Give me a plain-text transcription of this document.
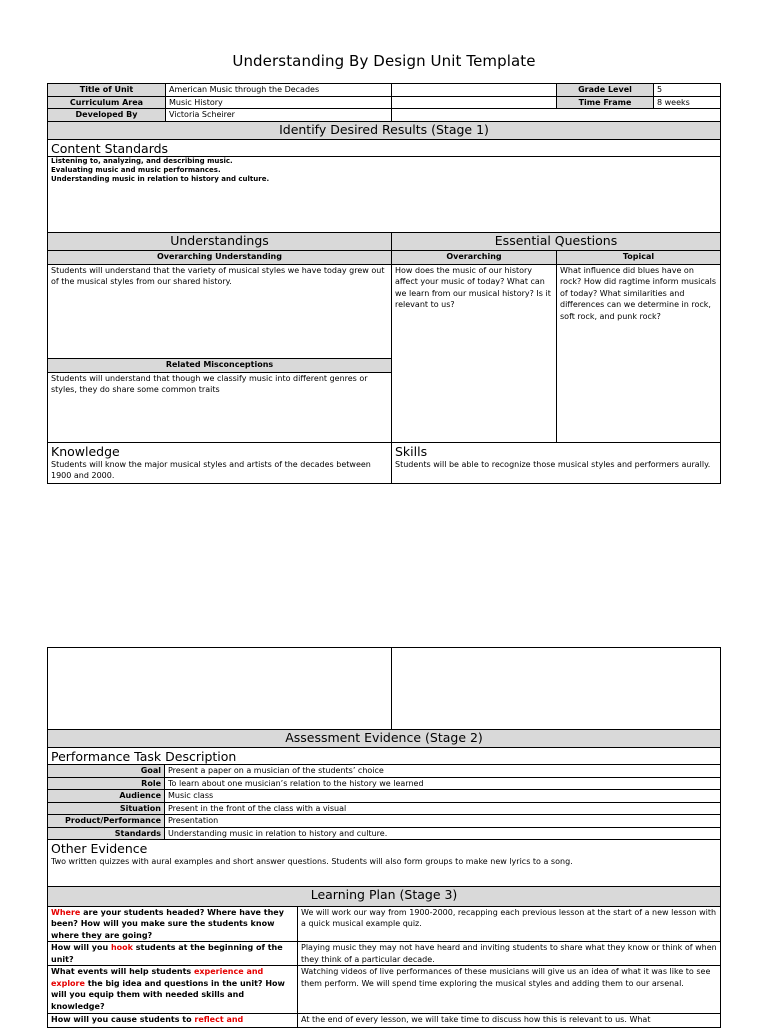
Understanding By Design Unit Template
Title of Unit	American Music through the Decades		Grade Level	5
Curriculum Area	Music History		Time Frame	8 weeks
Developed By	Victoria Scheirer			
Identify Desired Results (Stage 1)				
Content Standards				

Listening to, analyzing, and describing music.
Evaluating music and music performances.
Understanding music in relation to history and culture.				

Understandings		Essential Questions		
Overarching Understanding		Overarching	Topical	
Students will understand that the variety of musical styles we have today grew out of the musical styles from our shared history.		How does the music of our history affect your music of today? What can we learn from our musical history? Is it relevant to us?	What influence did blues have on rock? How did ragtime inform musicals of today? What similarities and differences can we determine in rock, soft rock, and punk rock?	
Related Misconceptions				
Students will understand that though we classify music into different genres or styles, they do share some common traits				
Knowledge		Skills		
Students will know the major musical styles and artists of the decades between 1900 and 2000.		Students will be able to recognize those musical styles and performers aurally.		

Assessment Evidence (Stage 2)			
Performance Task Description			
Goal	Present a paper on a musician of the students’ choice		
Role	To learn about one musician’s relation to the history we learned		
Audience	Music class		
Situation	Present in the front of the class with a visual		
Product/Performance	Presentation		
Standards	Understanding music in relation to history and culture.		
Other Evidence			
Two written quizzes with aural examples and short answer questions. Students will also form groups to make new lyrics to a song.			
Learning Plan (Stage 3)			
Where are your students headed? Where have they been? How will you make sure the students know where they are going?		We will work our way from 1900-2000, recapping each previous lesson at the start of a new lesson with a quick musical example quiz.	
How will you hook students at the beginning of the unit?		Playing music they may not have heard and inviting students to share what they know or think of when they think of a particular decade.	
What events will help students experience and explore the big idea and questions in the unit? How will you equip them with needed skills and knowledge?		Watching videos of live performances of these musicians will give us an idea of what it was like to see them perform. We will spend time exploring the musical styles and adding them to our arsenal.	
How will you cause students to reflect and		At the end of every lesson, we will take time to discuss how this is relevant to us. What	
